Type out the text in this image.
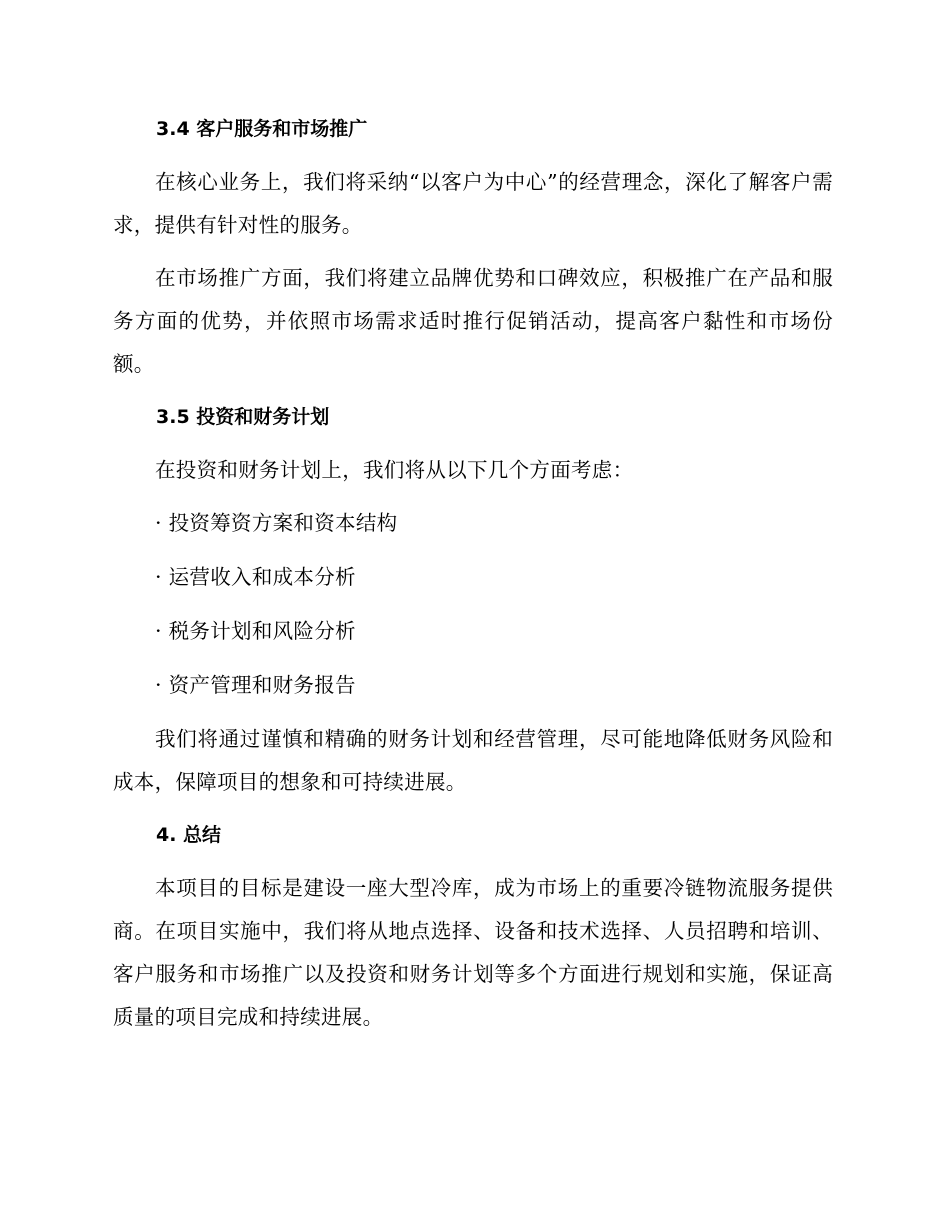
3.4 客户服务和市场推广
在核心业务上，我们将采纳“以客户为中心”的经营理念，深化了解客户需求，提供有针对性的服务。
在市场推广方面，我们将建立品牌优势和口碑效应，积极推广在产品和服务方面的优势，并依照市场需求适时推行促销活动，提高客户黏性和市场份额。
3.5 投资和财务计划
在投资和财务计划上，我们将从以下几个方面考虑：
· 投资筹资方案和资本结构
· 运营收入和成本分析
· 税务计划和风险分析
· 资产管理和财务报告
我们将通过谨慎和精确的财务计划和经营管理，尽可能地降低财务风险和成本，保障项目的想象和可持续进展。
4. 总结
本项目的目标是建设一座大型冷库，成为市场上的重要冷链物流服务提供商。在项目实施中，我们将从地点选择、设备和技术选择、人员招聘和培训、客户服务和市场推广以及投资和财务计划等多个方面进行规划和实施，保证高质量的项目完成和持续进展。
